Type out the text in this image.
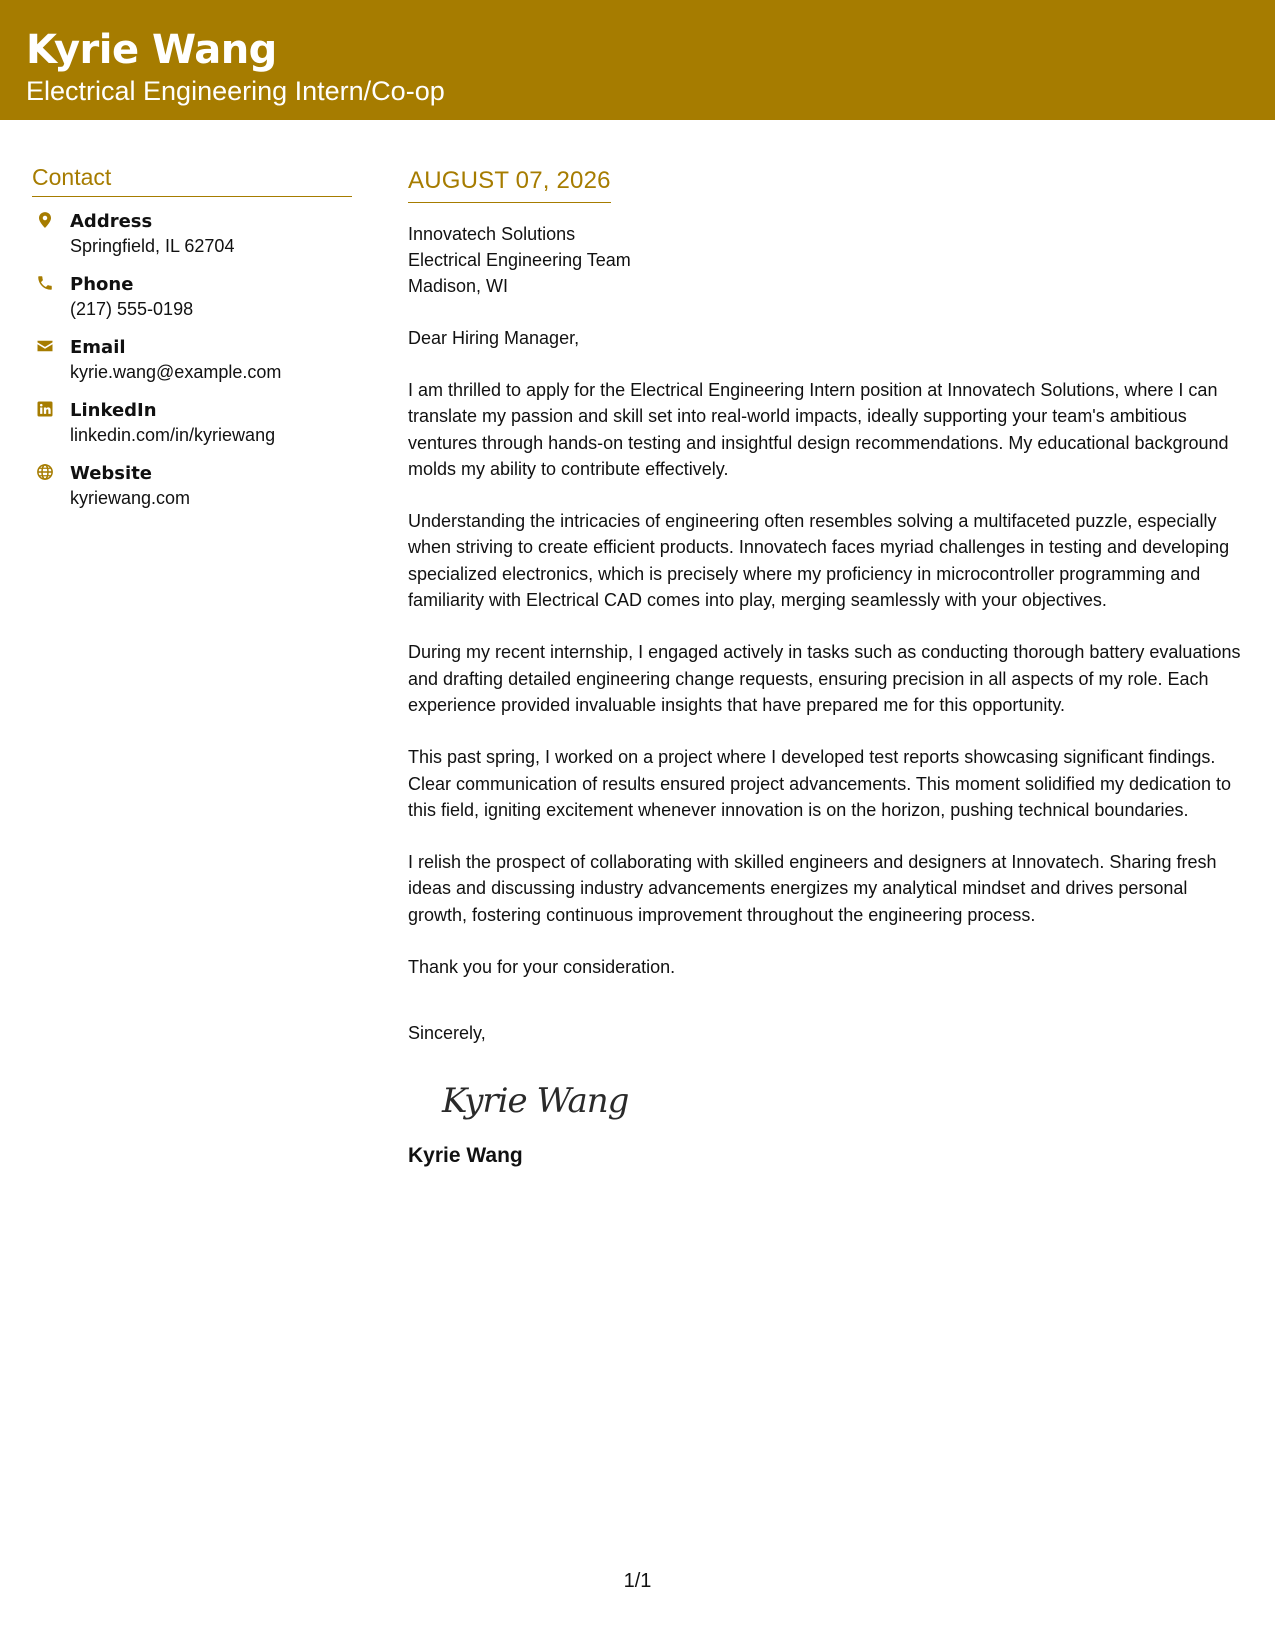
Kyrie Wang
Electrical Engineering Intern/Co-op
Contact
Address
Springfield, IL 62704
Phone
(217) 555-0198
Email
kyrie.wang@example.com
LinkedIn
linkedin.com/in/kyriewang
Website
kyriewang.com
AUGUST 07, 2026
Innovatech Solutions
Electrical Engineering Team
Madison, WI
Dear Hiring Manager,

I am thrilled to apply for the Electrical Engineering Intern position at Innovatech Solutions, where I can translate my passion and skill set into real-world impacts, ideally supporting your team's ambitious ventures through hands-on testing and insightful design recommendations. My educational background molds my ability to contribute effectively.

Understanding the intricacies of engineering often resembles solving a multifaceted puzzle, especially when striving to create efficient products. Innovatech faces myriad challenges in testing and developing specialized electronics, which is precisely where my proficiency in microcontroller programming and familiarity with Electrical CAD comes into play, merging seamlessly with your objectives.

During my recent internship, I engaged actively in tasks such as conducting thorough battery evaluations and drafting detailed engineering change requests, ensuring precision in all aspects of my role. Each experience provided invaluable insights that have prepared me for this opportunity.

This past spring, I worked on a project where I developed test reports showcasing significant findings. Clear communication of results ensured project advancements. This moment solidified my dedication to this field, igniting excitement whenever innovation is on the horizon, pushing technical boundaries.

I relish the prospect of collaborating with skilled engineers and designers at Innovatech. Sharing fresh ideas and discussing industry advancements energizes my analytical mindset and drives personal growth, fostering continuous improvement throughout the engineering process.

Thank you for your consideration.
Sincerely,
Kyrie Wang
Kyrie Wang
1/1
